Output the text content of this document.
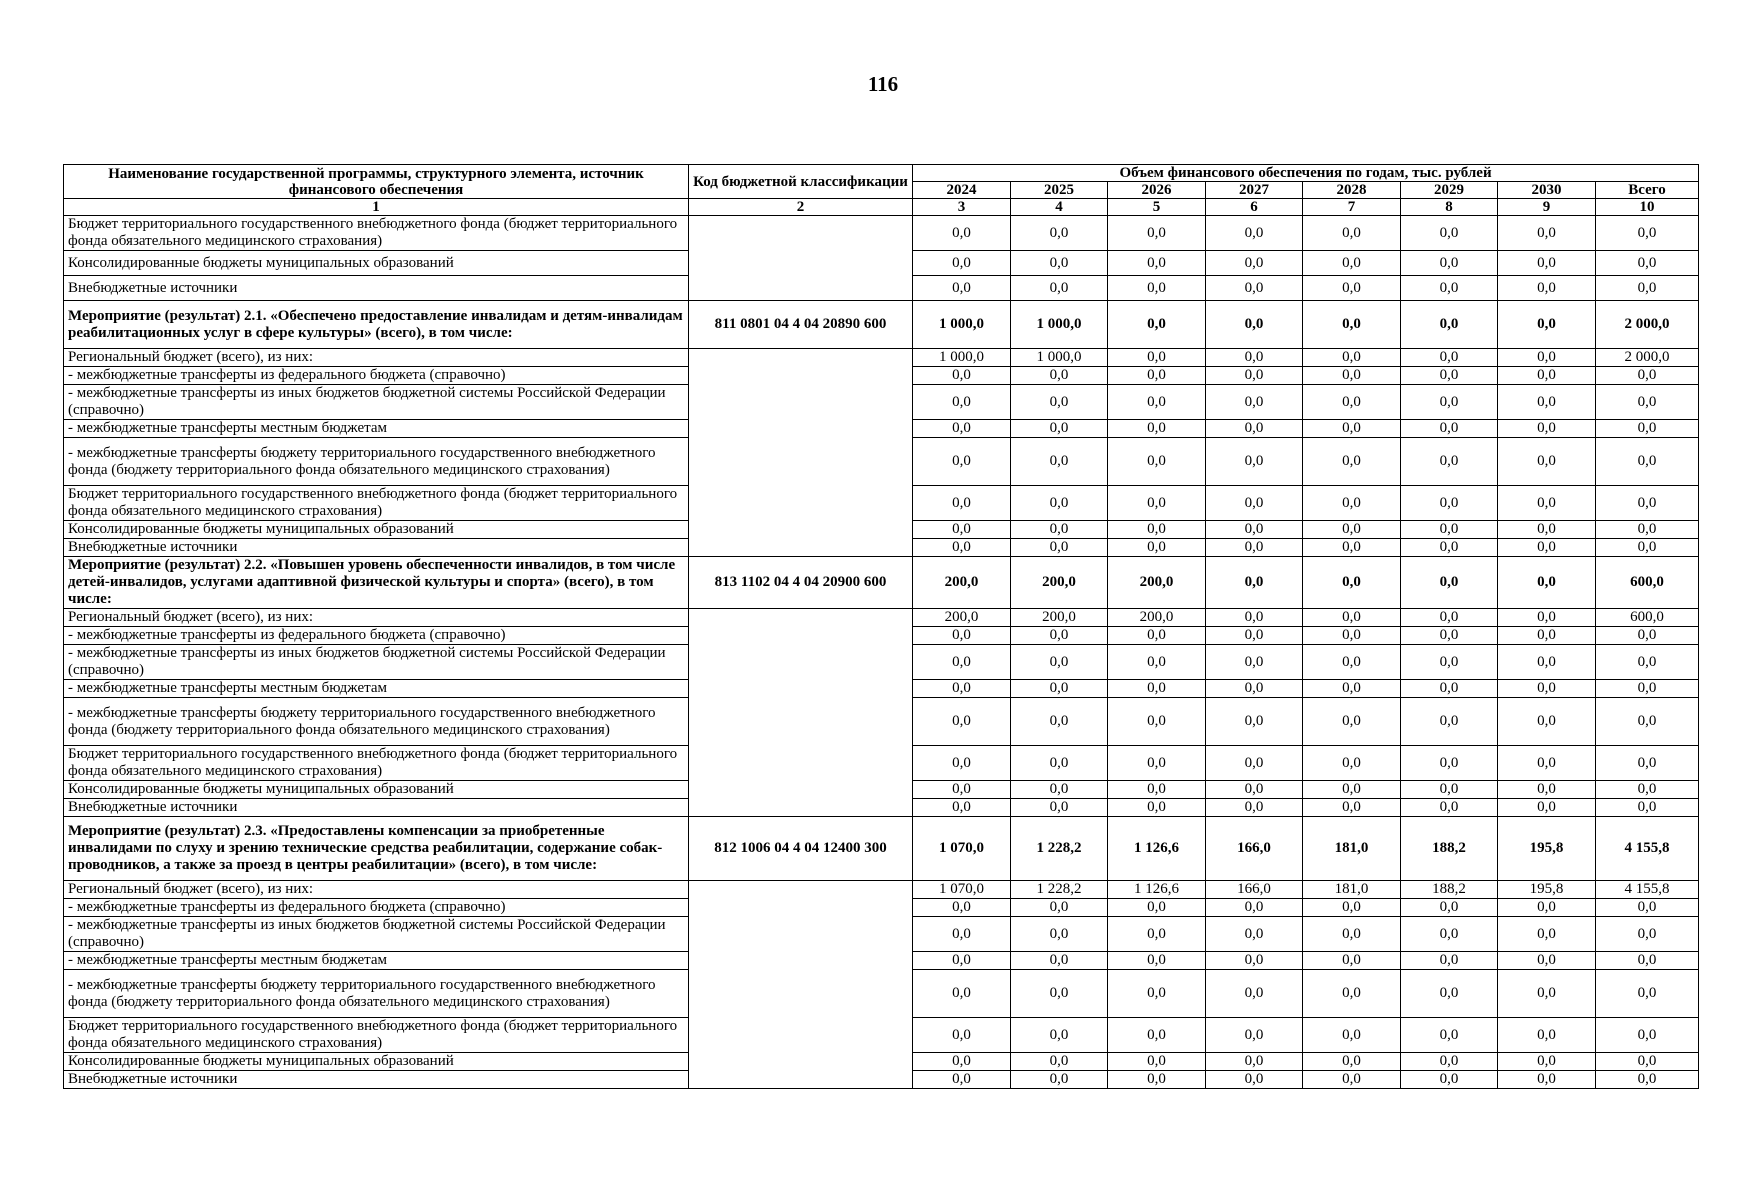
116
Наименование государственной программы, структурного элемента, источник финансового обеспечения	Код бюджетной классификации	Объем финансового обеспечения по годам, тыс. рублей							
		2024	2025	2026	2027	2028	2029	2030	Всего
1	2	3	4	5	6	7	8	9	10
Бюджет территориального государственного внебюджетного фонда (бюджет территориального фонда обязательного медицинского страхования)		0,0	0,0	0,0	0,0	0,0	0,0	0,0	0,0
Консолидированные бюджеты муниципальных образований		0,0	0,0	0,0	0,0	0,0	0,0	0,0	0,0
Внебюджетные источники		0,0	0,0	0,0	0,0	0,0	0,0	0,0	0,0
Мероприятие (результат) 2.1. «Обеспечено предоставление инвалидам и детям-инвалидам реабилитационных услуг в сфере культуры» (всего), в том числе:	811 0801 04 4 04 20890 600	1 000,0	1 000,0	0,0	0,0	0,0	0,0	0,0	2 000,0
Региональный бюджет (всего), из них:		1 000,0	1 000,0	0,0	0,0	0,0	0,0	0,0	2 000,0
- межбюджетные трансферты из федерального бюджета (справочно)		0,0	0,0	0,0	0,0	0,0	0,0	0,0	0,0
- межбюджетные трансферты из иных бюджетов бюджетной системы Российской Федерации (справочно)		0,0	0,0	0,0	0,0	0,0	0,0	0,0	0,0
- межбюджетные трансферты местным бюджетам		0,0	0,0	0,0	0,0	0,0	0,0	0,0	0,0
- межбюджетные трансферты бюджету территориального государственного внебюджетного фонда (бюджету территориального фонда обязательного медицинского страхования)		0,0	0,0	0,0	0,0	0,0	0,0	0,0	0,0
Бюджет территориального государственного внебюджетного фонда (бюджет территориального фонда обязательного медицинского страхования)		0,0	0,0	0,0	0,0	0,0	0,0	0,0	0,0
Консолидированные бюджеты муниципальных образований		0,0	0,0	0,0	0,0	0,0	0,0	0,0	0,0
Внебюджетные источники		0,0	0,0	0,0	0,0	0,0	0,0	0,0	0,0
Мероприятие (результат) 2.2. «Повышен уровень обеспеченности инвалидов, в том числе детей-инвалидов, услугами адаптивной физической культуры и спорта» (всего), в том числе:	813 1102 04 4 04 20900 600	200,0	200,0	200,0	0,0	0,0	0,0	0,0	600,0
Региональный бюджет (всего), из них:		200,0	200,0	200,0	0,0	0,0	0,0	0,0	600,0
- межбюджетные трансферты из федерального бюджета (справочно)		0,0	0,0	0,0	0,0	0,0	0,0	0,0	0,0
- межбюджетные трансферты из иных бюджетов бюджетной системы Российской Федерации (справочно)		0,0	0,0	0,0	0,0	0,0	0,0	0,0	0,0
- межбюджетные трансферты местным бюджетам		0,0	0,0	0,0	0,0	0,0	0,0	0,0	0,0
- межбюджетные трансферты бюджету территориального государственного внебюджетного фонда (бюджету территориального фонда обязательного медицинского страхования)		0,0	0,0	0,0	0,0	0,0	0,0	0,0	0,0
Бюджет территориального государственного внебюджетного фонда (бюджет территориального фонда обязательного медицинского страхования)		0,0	0,0	0,0	0,0	0,0	0,0	0,0	0,0
Консолидированные бюджеты муниципальных образований		0,0	0,0	0,0	0,0	0,0	0,0	0,0	0,0
Внебюджетные источники		0,0	0,0	0,0	0,0	0,0	0,0	0,0	0,0
Мероприятие (результат) 2.3. «Предоставлены компенсации за приобретенные инвалидами по слуху и зрению технические средства реабилитации, содержание собак-проводников, а также за проезд в центры реабилитации» (всего), в том числе:	812 1006 04 4 04 12400 300	1 070,0	1 228,2	1 126,6	166,0	181,0	188,2	195,8	4 155,8
Региональный бюджет (всего), из них:		1 070,0	1 228,2	1 126,6	166,0	181,0	188,2	195,8	4 155,8
- межбюджетные трансферты из федерального бюджета (справочно)		0,0	0,0	0,0	0,0	0,0	0,0	0,0	0,0
- межбюджетные трансферты из иных бюджетов бюджетной системы Российской Федерации (справочно)		0,0	0,0	0,0	0,0	0,0	0,0	0,0	0,0
- межбюджетные трансферты местным бюджетам		0,0	0,0	0,0	0,0	0,0	0,0	0,0	0,0
- межбюджетные трансферты бюджету территориального государственного внебюджетного фонда (бюджету территориального фонда обязательного медицинского страхования)		0,0	0,0	0,0	0,0	0,0	0,0	0,0	0,0
Бюджет территориального государственного внебюджетного фонда (бюджет территориального фонда обязательного медицинского страхования)		0,0	0,0	0,0	0,0	0,0	0,0	0,0	0,0
Консолидированные бюджеты муниципальных образований		0,0	0,0	0,0	0,0	0,0	0,0	0,0	0,0
Внебюджетные источники		0,0	0,0	0,0	0,0	0,0	0,0	0,0	0,0
